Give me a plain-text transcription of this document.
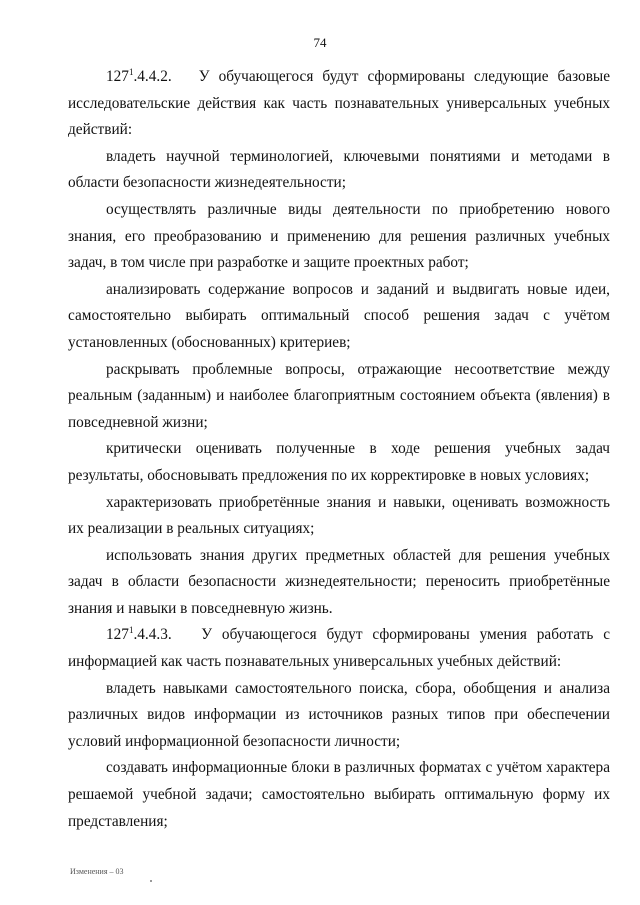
74

$127^1.4.4.2$. У обучающегося будут сформированы следующие базовые исследовательские действия как часть познавательных универсальных учебных действий:

владеть научной терминологией, ключевыми понятиями и методами в области безопасности жизнедеятельности;

осуществлять различные виды деятельности по приобретению нового знания, его преобразованию и применению для решения различных учебных задач, в том числе при разработке и защите проектных работ;

анализировать содержание вопросов и заданий и выдвигать новые идеи, самостоятельно выбирать оптимальный способ решения задач с учётом установленных (обоснованных) критериев;

раскрывать проблемные вопросы, отражающие несоответствие между реальным (заданным) и наиболее благоприятным состоянием объекта (явления) в повседневной жизни;

критически оценивать полученные в ходе решения учебных задач результаты, обосновывать предложения по их корректировке в новых условиях;

характеризовать приобретённые знания и навыки, оценивать возможность их реализации в реальных ситуациях;

использовать знания других предметных областей для решения учебных задач в области безопасности жизнедеятельности; переносить приобретённые знания и навыки в повседневную жизнь.

$127^1.4.4.3$. У обучающегося будут сформированы умения работать с информацией как часть познавательных универсальных учебных действий:

владеть навыками самостоятельного поиска, сбора, обобщения и анализа различных видов информации из источников разных типов при обеспечении условий информационной безопасности личности;

создавать информационные блоки в различных форматах с учётом характера решаемой учебной задачи; самостоятельно выбирать оптимальную форму их представления;

Изменения – 03
